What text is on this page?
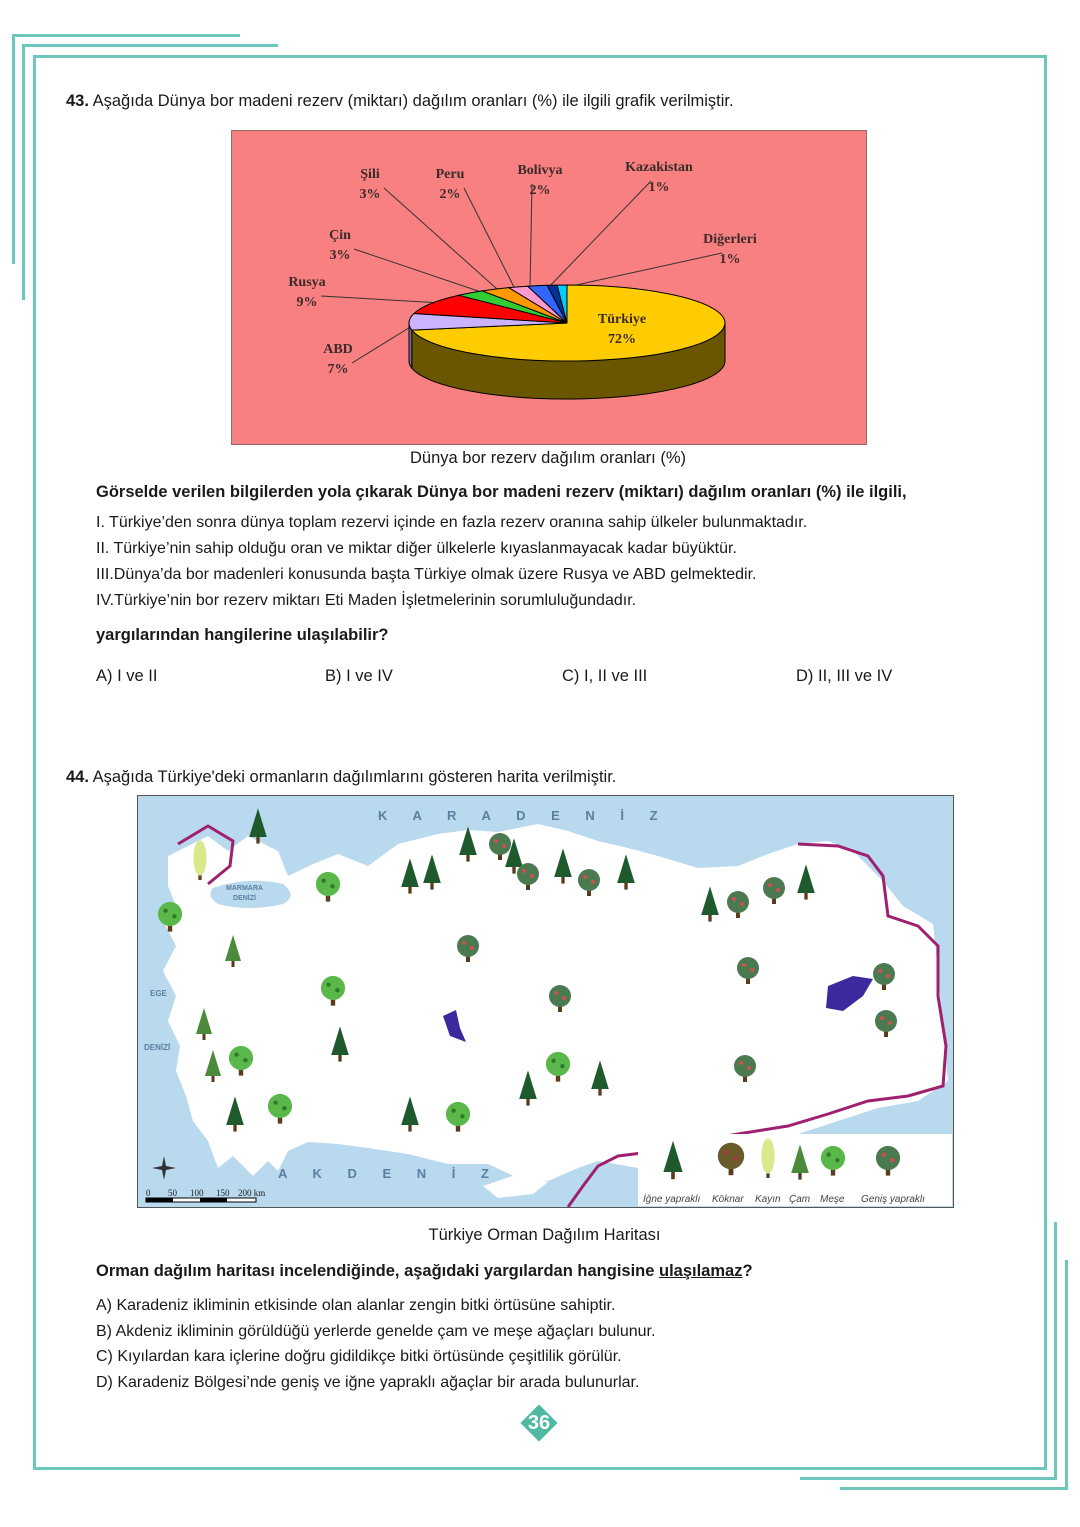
43. Aşağıda Dünya bor madeni rezerv (miktarı) dağılım oranları (%) ile ilgili grafik verilmiştir.
Türkiye
72%
ABD
7%
Rusya
9%
Çin
3%
Şili
3%
Peru
2%
Bolivya
2%
Kazakistan
1%
Diğerleri
1%
Dünya bor rezerv dağılım oranları (%)
Görselde verilen bilgilerden yola çıkarak Dünya bor madeni rezerv (miktarı) dağılım oranları (%) ile ilgili,
I. Türkiye’den sonra dünya toplam rezervi içinde en fazla rezerv oranına sahip ülkeler bulunmaktadır.
II. Türkiye’nin sahip olduğu oran ve miktar diğer ülkelerle kıyaslanmayacak kadar büyüktür.
III.Dünya’da bor madenleri konusunda başta Türkiye olmak üzere Rusya ve ABD gelmektedir.
IV.Türkiye’nin bor rezerv miktarı Eti Maden İşletmelerinin sorumluluğundadır.
yargılarından hangilerine ulaşılabilir?
A) I ve II	B) I ve IV	C) I, II ve III	D) II, III ve IV
44. Aşağıda Türkiye'deki ormanların dağılımlarını gösteren harita verilmiştir.
K A R A D E N İ Z
A K D E N İ Z
MARMARA
DENİZİ
EGE
DENİZİ
0 50 100 150 200 km
İğne yapraklı Köknar Kayın Çam Meşe Geniş yapraklı
Türkiye Orman Dağılım Haritası
Orman dağılım haritası incelendiğinde, aşağıdaki yargılardan hangisine ulaşılamaz?
A) Karadeniz ikliminin etkisinde olan alanlar zengin bitki örtüsüne sahiptir.
B) Akdeniz ikliminin görüldüğü yerlerde genelde çam ve meşe ağaçları bulunur.
C) Kıyılardan kara içlerine doğru gidildikçe bitki örtüsünde çeşitlilik görülür.
D) Karadeniz Bölgesi’nde geniş ve iğne yapraklı ağaçlar bir arada bulunurlar.
36
